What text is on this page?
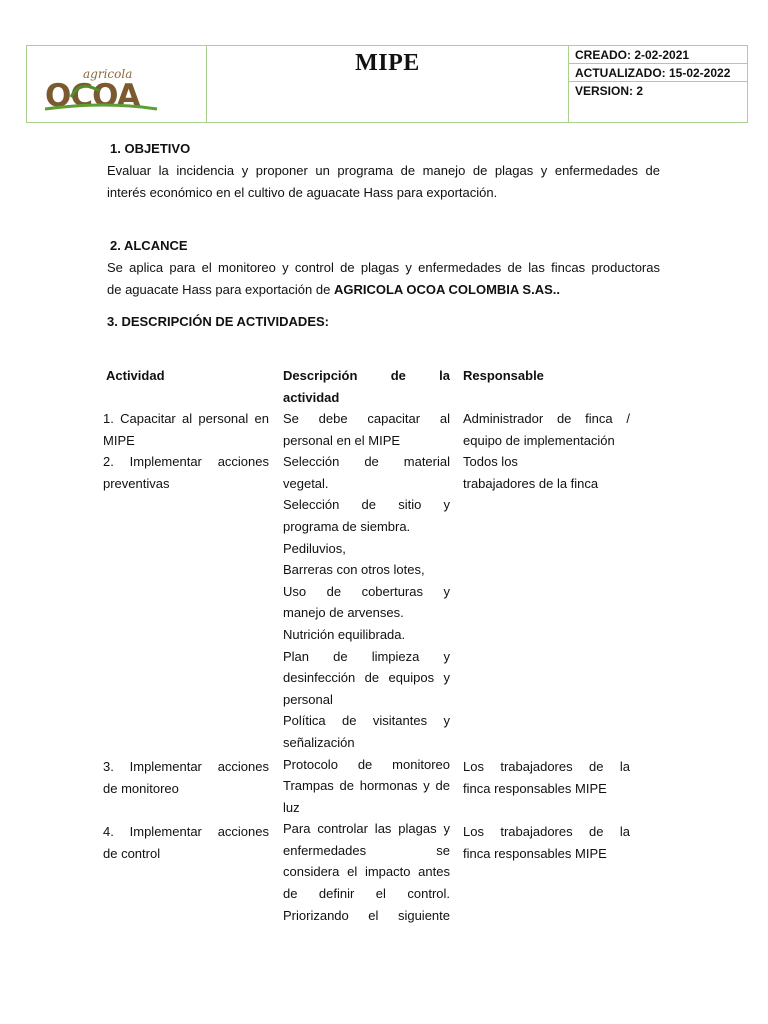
agricola
OCOA
MIPE	CREADO: 2-02-2021
ACTUALIZADO: 15-02-2022
VERSION: 2
1. OBJETIVO
Evaluar la incidencia y proponer un programa de manejo de plagas y enfermedades de
interés económico en el cultivo de aguacate Hass para exportación.
2. ALCANCE
Se aplica para el monitoreo y control de plagas y enfermedades de las fincas productoras
de aguacate Hass para exportación de AGRICOLA OCOA COLOMBIA S.AS..
3. DESCRIPCIÓN DE ACTIVIDADES:
Actividad	Descripción de la
actividad
Responsable
1. Capacitar al personal en
MIPE
2. Implementar acciones
preventivas
3. Implementar acciones
de monitoreo
4. Implementar acciones
de control
Se debe capacitar al
personal en el MIPE
Selección de material
vegetal.
Selección de sitio y
programa de siembra.
Pediluvios,
Barreras con otros lotes,
Uso de coberturas y
manejo de arvenses.
Nutrición equilibrada.
Plan de limpieza y
desinfección de equipos y
personal
Política de visitantes y
señalización
Protocolo de monitoreo
Trampas de hormonas y de
luz
Para controlar las plagas y
enfermedades se
considera el impacto antes
de definir el control.
Priorizando el siguiente
Administrador de finca /
equipo de implementación
Todos los
trabajadores de la finca
Los trabajadores de la
finca responsables MIPE
Los trabajadores de la
finca responsables MIPE
